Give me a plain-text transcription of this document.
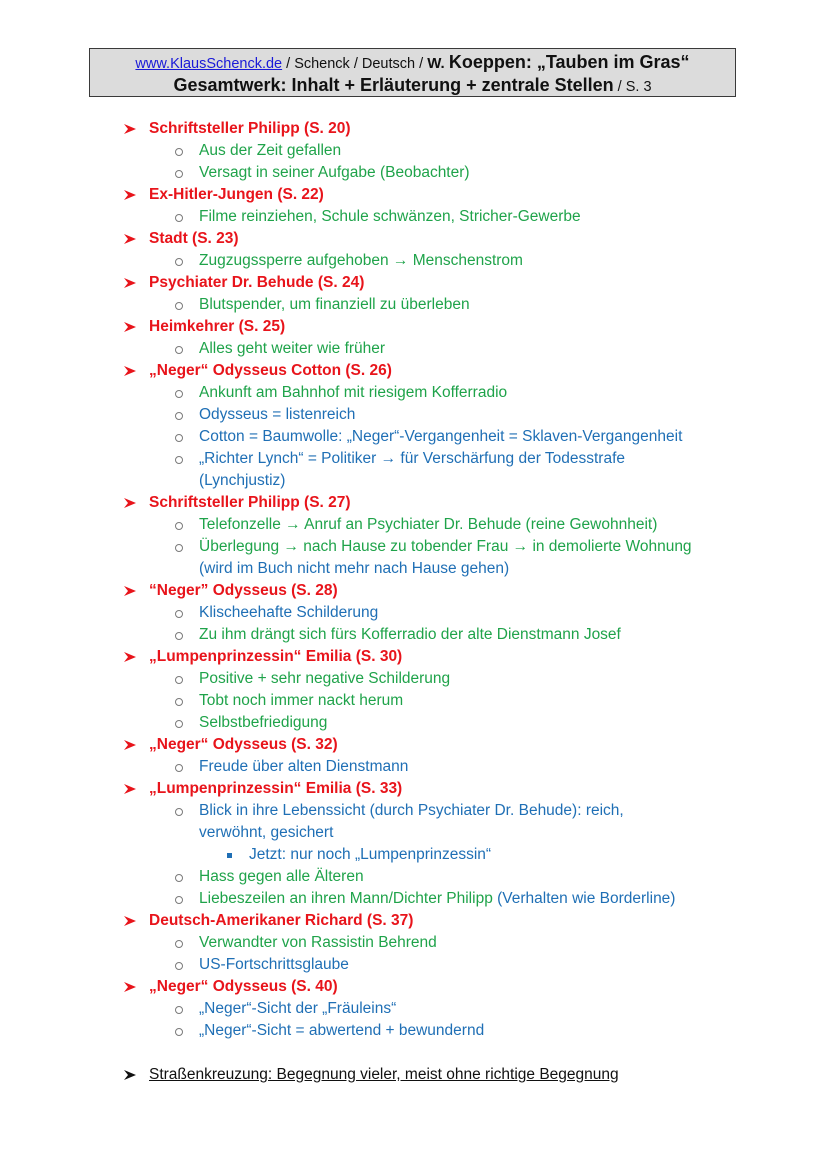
www.KlausSchenck.de / Schenck / Deutsch / W. Koeppen: „Tauben im Gras“
Gesamtwerk: Inhalt + Erläuterung + zentrale Stellen / S. 3
Schriftsteller Philipp (S. 20)
Aus der Zeit gefallen
Versagt in seiner Aufgabe (Beobachter)
Ex-Hitler-Jungen (S. 22)
Filme reinziehen, Schule schwänzen, Stricher-Gewerbe
Stadt (S. 23)
Zugzugssperre aufgehoben → Menschenstrom
Psychiater Dr. Behude (S. 24)
Blutspender, um finanziell zu überleben
Heimkehrer (S. 25)
Alles geht weiter wie früher
„Neger“ Odysseus Cotton (S. 26)
Ankunft am Bahnhof mit riesigem Kofferradio
Odysseus = listenreich
Cotton = Baumwolle: „Neger“-Vergangenheit = Sklaven-Vergangenheit
„Richter Lynch“ = Politiker → für Verschärfung der Todesstrafe
(Lynchjustiz)
Schriftsteller Philipp (S. 27)
Telefonzelle → Anruf an Psychiater Dr. Behude (reine Gewohnheit)
Überlegung → nach Hause zu tobender Frau → in demolierte Wohnung
(wird im Buch nicht mehr nach Hause gehen)
“Neger” Odysseus (S. 28)
Klischeehafte Schilderung
Zu ihm drängt sich fürs Kofferradio der alte Dienstmann Josef
„Lumpenprinzessin“ Emilia (S. 30)
Positive + sehr negative Schilderung
Tobt noch immer nackt herum
Selbstbefriedigung
„Neger“ Odysseus (S. 32)
Freude über alten Dienstmann
„Lumpenprinzessin“ Emilia (S. 33)
Blick in ihre Lebenssicht (durch Psychiater Dr. Behude): reich,
verwöhnt, gesichert
Jetzt: nur noch „Lumpenprinzessin“
Hass gegen alle Älteren
Liebeszeilen an ihren Mann/Dichter Philipp (Verhalten wie Borderline)
Deutsch-Amerikaner Richard (S. 37)
Verwandter von Rassistin Behrend
US-Fortschrittsglaube
„Neger“ Odysseus (S. 40)
„Neger“-Sicht der „Fräuleins“
„Neger“-Sicht = abwertend + bewundernd
Straßenkreuzung: Begegnung vieler, meist ohne richtige Begegnung
